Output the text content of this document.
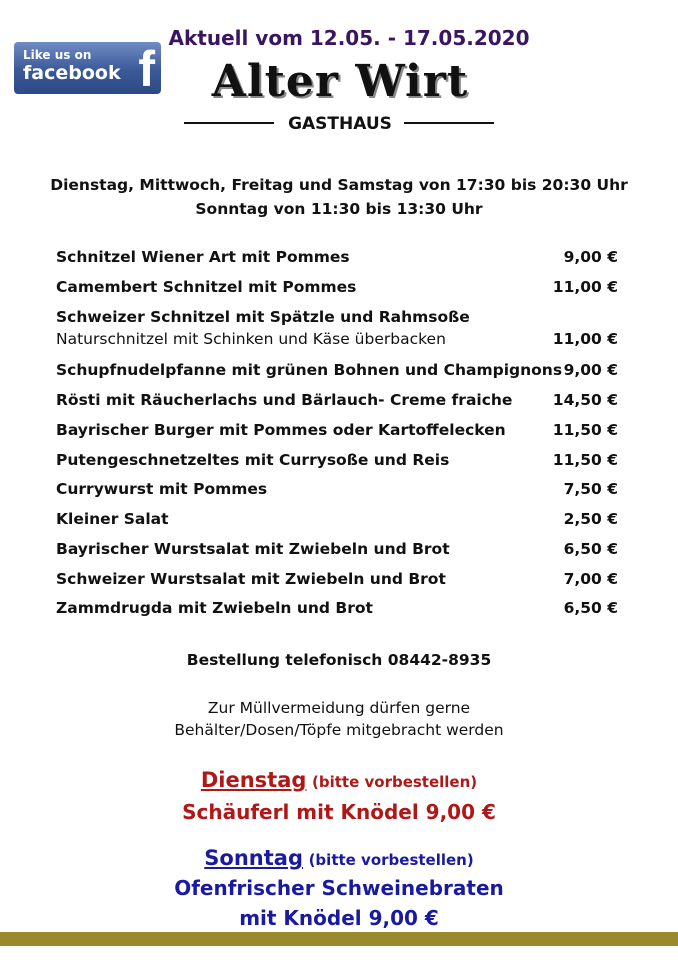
Like us on
facebook f
Aktuell vom 12.05. - 17.05.2020
Alter Wirt
GASTHAUS
Dienstag, Mittwoch, Freitag und Samstag von 17:30 bis 20:30 Uhr
Sonntag von 11:30 bis 13:30 Uhr
Schnitzel Wiener Art mit Pommes	9,00 €
Camembert Schnitzel mit Pommes	11,00 €
Schweizer Schnitzel mit Spätzle und Rahmsoße
Naturschnitzel mit Schinken und Käse überbacken	11,00 €
Schupfnudelpfanne mit grünen Bohnen und Champignons 9,00 €
Rösti mit Räucherlachs und Bärlauch- Creme fraiche	14,50 €
Bayrischer Burger mit Pommes oder Kartoffelecken	11,50 €
Putengeschnetzeltes mit Currysoße und Reis	11,50 €
Currywurst mit Pommes	7,50 €
Kleiner Salat	2,50 €
Bayrischer Wurstsalat mit Zwiebeln und Brot	6,50 €
Schweizer Wurstsalat mit Zwiebeln und Brot	7,00 €
Zammdrugda mit Zwiebeln und Brot	6,50 €
Bestellung telefonisch 08442-8935
Zur Müllvermeidung dürfen gerne
Behälter/Dosen/Töpfe mitgebracht werden
Dienstag (bitte vorbestellen)
Schäuferl mit Knödel 9,00 €
Sonntag (bitte vorbestellen)
Ofenfrischer Schweinebraten
mit Knödel 9,00 €
